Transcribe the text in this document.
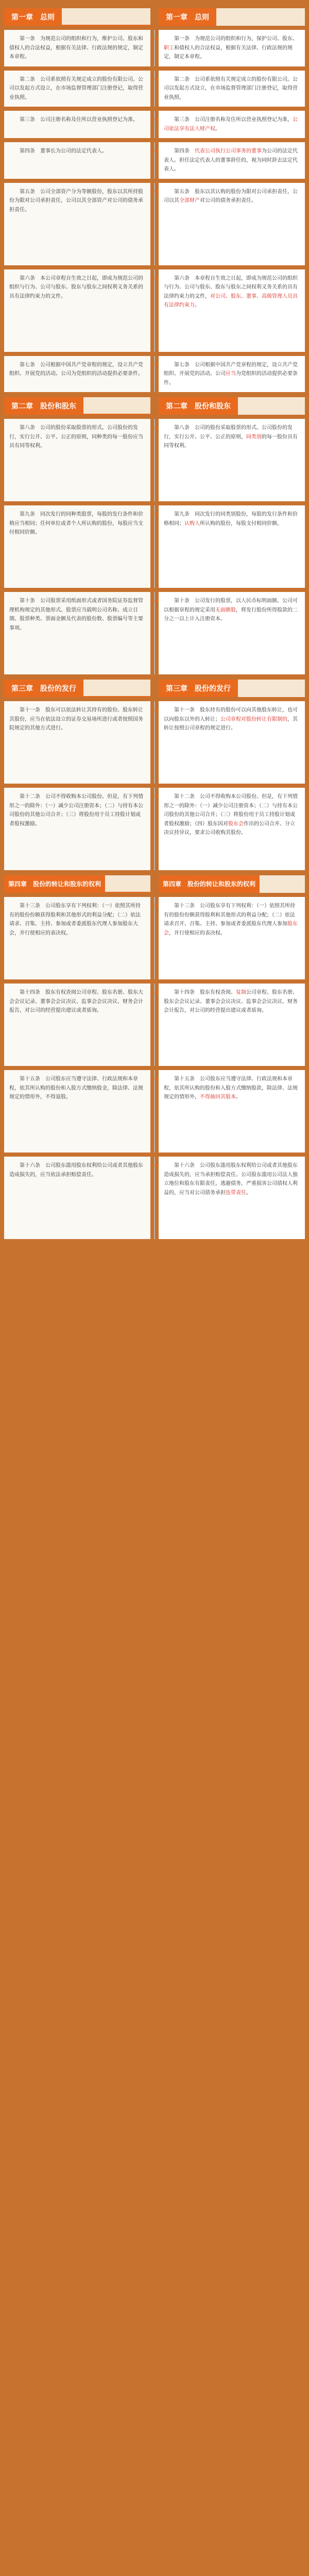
第一章　总则	第一章　总则
第一条　为规范公司的组织和行为，维护公司、股东和债权人的合法权益，根据有关法律、行政法规的规定，制定本章程。
第一条　为规范公司的组织和行为，保护公司、股东、职工和债权人的合法权益，根据有关法律、行政法规的规定，制定本章程。
第二条　公司系依照有关规定成立的股份有限公司。公司以发起方式设立，在市场监督管理部门注册登记，取得营业执照。
第二条　公司系依照有关规定成立的股份有限公司。公司以发起方式设立，在市场监督管理部门注册登记，取得营业执照。
第三条　公司注册名称及住所以营业执照登记为准。	第三条　公司注册名称及住所以营业执照登记为准，公司依法享有法人财产权。
第四条　董事长为公司的法定代表人。	第四条　代表公司执行公司事务的董事为公司的法定代表人。担任法定代表人的董事辞任的，视为同时辞去法定代表人。
第五条　公司全部资产分为等额股份，股东以其所持股份为限对公司承担责任，公司以其全部资产对公司的债务承担责任。
第五条　股东以其认购的股份为限对公司承担责任，公司以其全部财产对公司的债务承担责任。
第六条　本公司章程自生效之日起，即成为规范公司的组织与行为、公司与股东、股东与股东之间权利义务关系的具有法律约束力的文件。
第六条　本章程自生效之日起，即成为规范公司的组织与行为、公司与股东、股东与股东之间权利义务关系的具有法律约束力的文件，对公司、股东、董事、高级管理人员具有法律约束力。
第七条　公司根据中国共产党章程的规定，设立共产党组织、开展党的活动。公司为党组织的活动提供必要条件。
第七条　公司根据中国共产党章程的规定，设立共产党组织、开展党的活动。公司应当为党组织的活动提供必要条件。
第二章　股份和股东	第二章　股份和股东
第八条　公司的股份采取股票的形式。公司股份的发行，实行公开、公平、公正的原则，同种类的每一股份应当具有同等权利。
第八条　公司的股份采取股票的形式。公司股份的发行，实行公开、公平、公正的原则，同类别的每一股份具有同等权利。
第九条　同次发行的同种类股票，每股的发行条件和价格应当相同；任何单位或者个人所认购的股份，每股应当支付相同价额。
第九条　同次发行的同类别股份，每股的发行条件和价格相同；认购人所认购的股份，每股支付相同价额。
第十条　公司股票采用纸面形式或者国务院证券监督管理机构规定的其他形式。股票应当载明公司名称、成立日期、股票种类、票面金额及代表的股份数、股票编号等主要事项。
第十条　公司发行的股票，以人民币标明面额。公司可以根据章程的规定采用无面额股，将发行股份所得股款的二分之一以上计入注册资本。
第三章　股份的发行	第三章　股份的发行
第十一条　股东可以依法转让其持有的股份。股东转让其股份，应当在依法设立的证券交易场所进行或者按照国务院规定的其他方式进行。
第十一条　股东持有的股份可以向其他股东转让，也可以向股东以外的人转让；公司章程对股份转让有限制的，其转让按照公司章程的规定进行。
第十二条　公司不得收购本公司股份。但是，有下列情形之一的除外：（一）减少公司注册资本；（二）与持有本公司股份的其他公司合并；（三）将股份用于员工持股计划或者股权激励。
第十二条　公司不得收购本公司股份。但是，有下列情形之一的除外：（一）减少公司注册资本；（二）与持有本公司股份的其他公司合并；（三）将股份用于员工持股计划或者股权激励；（四）股东因对股东会作出的公司合并、分立决议持异议，要求公司收购其股份。
第四章　股份的转让和股东的权利	第四章　股份的转让和股东的权利
第十三条　公司股东享有下列权利：（一）依照其所持有的股份份额获得股利和其他形式的利益分配；（二）依法请求、召集、主持、参加或者委派股东代理人参加股东大会，并行使相应的表决权。
第十三条　公司股东享有下列权利：（一）依照其所持有的股份份额获得股利和其他形式的利益分配；（二）依法请求召开、召集、主持、参加或者委派股东代理人参加股东会，并行使相应的表决权。
第十四条　股东有权查阅公司章程、股东名册、股东大会会议记录、董事会会议决议、监事会会议决议、财务会计报告，对公司的经营提出建议或者质询。
第十四条　股东有权查阅、复制公司章程、股东名册、股东会会议记录、董事会会议决议、监事会会议决议、财务会计报告，对公司的经营提出建议或者质询。
第十五条　公司股东应当遵守法律、行政法规和本章程，依其所认购的股份和入股方式缴纳股金，除法律、法规规定的情形外，不得退股。
第十五条　公司股东应当遵守法律、行政法规和本章程，依其所认购的股份和入股方式缴纳股款，除法律、法规规定的情形外，不得抽回其股本。
第十六条　公司股东滥用股东权利给公司或者其他股东造成损失的，应当依法承担赔偿责任。
第十六条　公司股东滥用股东权利给公司或者其他股东造成损失的，应当承担赔偿责任。公司股东滥用公司法人独立地位和股东有限责任，逃避债务，严重损害公司债权人利益的，应当对公司债务承担连带责任。
